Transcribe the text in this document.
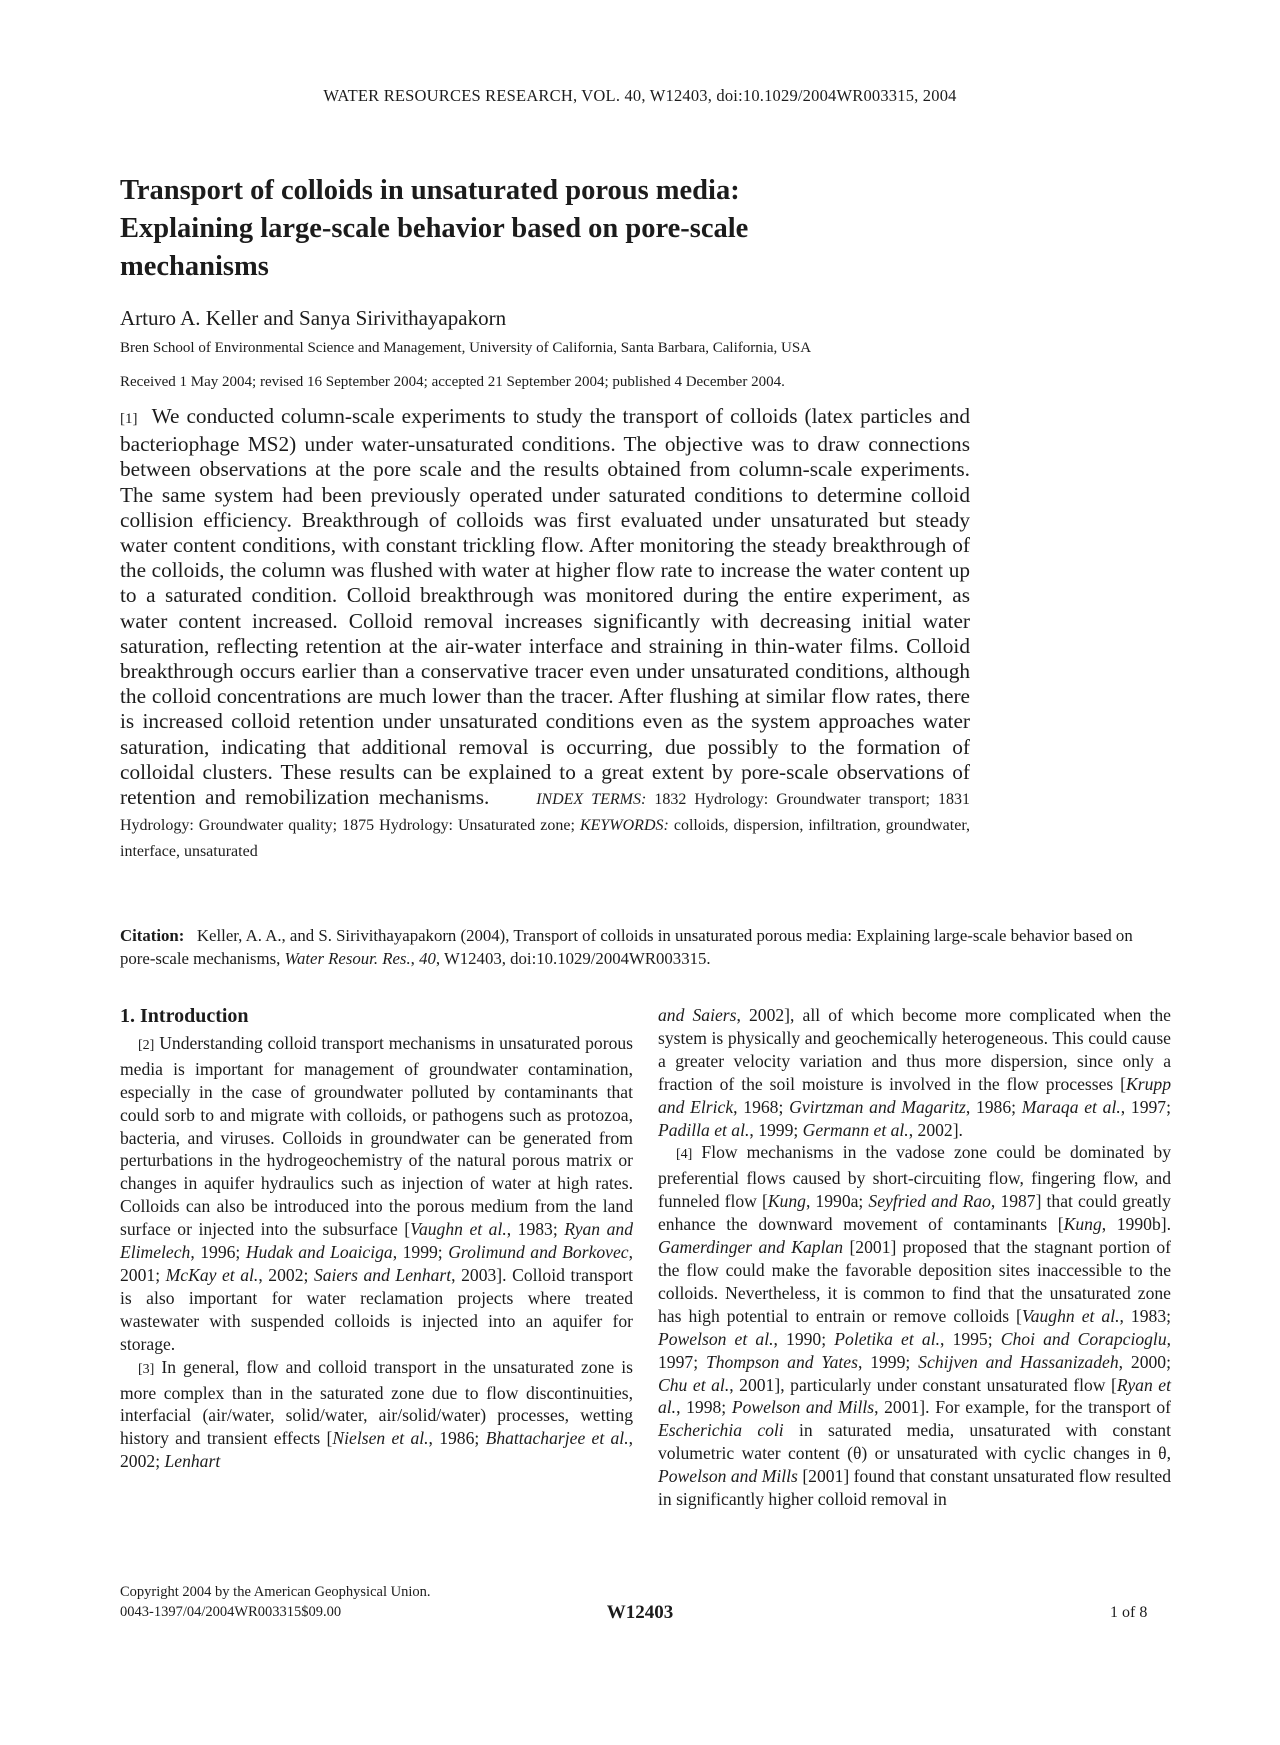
WATER RESOURCES RESEARCH, VOL. 40, W12403, doi:10.1029/2004WR003315, 2004
Transport of colloids in unsaturated porous media:
Explaining large-scale behavior based on pore-scale
mechanisms
Arturo A. Keller and Sanya Sirivithayapakorn
Bren School of Environmental Science and Management, University of California, Santa Barbara, California, USA
Received 1 May 2004; revised 16 September 2004; accepted 21 September 2004; published 4 December 2004.

[1] We conducted column-scale experiments to study the transport of colloids (latex particles and bacteriophage MS2) under water-unsaturated conditions. The objective was to draw connections between observations at the pore scale and the results obtained from column-scale experiments. The same system had been previously operated under saturated conditions to determine colloid collision efficiency. Breakthrough of colloids was first evaluated under unsaturated but steady water content conditions, with constant trickling flow. After monitoring the steady breakthrough of the colloids, the column was flushed with water at higher flow rate to increase the water content up to a saturated condition. Colloid breakthrough was monitored during the entire experiment, as water content increased. Colloid removal increases significantly with decreasing initial water saturation, reflecting retention at the air-water interface and straining in thin-water films. Colloid breakthrough occurs earlier than a conservative tracer even under unsaturated conditions, although the colloid concentrations are much lower than the tracer. After flushing at similar flow rates, there is increased colloid retention under unsaturated conditions even as the system approaches water saturation, indicating that additional removal is occurring, due possibly to the formation of colloidal clusters. These results can be explained to a great extent by pore-scale observations of retention and remobilization mechanisms.	INDEX TERMS: 1832 Hydrology: Groundwater transport; 1831 Hydrology: Groundwater quality; 1875 Hydrology: Unsaturated zone; KEYWORDS: colloids, dispersion, infiltration, groundwater, interface, unsaturated

Citation: Keller, A. A., and S. Sirivithayapakorn (2004), Transport of colloids in unsaturated porous media: Explaining large-scale behavior based on pore-scale mechanisms, Water Resour. Res., 40, W12403, doi:10.1029/2004WR003315.

1. Introduction

[2] Understanding colloid transport mechanisms in unsaturated porous media is important for management of groundwater contamination, especially in the case of groundwater polluted by contaminants that could sorb to and migrate with colloids, or pathogens such as protozoa, bacteria, and viruses. Colloids in groundwater can be generated from perturbations in the hydrogeochemistry of the natural porous matrix or changes in aquifer hydraulics such as injection of water at high rates. Colloids can also be introduced into the porous medium from the land surface or injected into the subsurface [Vaughn et al., 1983; Ryan and Elimelech, 1996; Hudak and Loaiciga, 1999; Grolimund and Borkovec, 2001; McKay et al., 2002; Saiers and Lenhart, 2003]. Colloid transport is also important for water reclamation projects where treated wastewater with suspended colloids is injected into an aquifer for storage.

[3] In general, flow and colloid transport in the unsaturated zone is more complex than in the saturated zone due to flow discontinuities, interfacial (air/water, solid/water, air/solid/water) processes, wetting history and transient effects [Nielsen et al., 1986; Bhattacharjee et al., 2002; Lenhart

and Saiers, 2002], all of which become more complicated when the system is physically and geochemically heterogeneous. This could cause a greater velocity variation and thus more dispersion, since only a fraction of the soil moisture is involved in the flow processes [Krupp and Elrick, 1968; Gvirtzman and Magaritz, 1986; Maraqa et al., 1997; Padilla et al., 1999; Germann et al., 2002].

[4] Flow mechanisms in the vadose zone could be dominated by preferential flows caused by short-circuiting flow, fingering flow, and funneled flow [Kung, 1990a; Seyfried and Rao, 1987] that could greatly enhance the downward movement of contaminants [Kung, 1990b]. Gamerdinger and Kaplan [2001] proposed that the stagnant portion of the flow could make the favorable deposition sites inaccessible to the colloids. Nevertheless, it is common to find that the unsaturated zone has high potential to entrain or remove colloids [Vaughn et al., 1983; Powelson et al., 1990; Poletika et al., 1995; Choi and Corapcioglu, 1997; Thompson and Yates, 1999; Schijven and Hassanizadeh, 2000; Chu et al., 2001], particularly under constant unsaturated flow [Ryan et al., 1998; Powelson and Mills, 2001]. For example, for the transport of Escherichia coli in saturated media, unsaturated with constant volumetric water content (θ) or unsaturated with cyclic changes in θ, Powelson and Mills [2001] found that constant unsaturated flow resulted in significantly higher colloid removal in

Copyright 2004 by the American Geophysical Union.
0043-1397/04/2004WR003315$09.00	W12403	1 of 8
